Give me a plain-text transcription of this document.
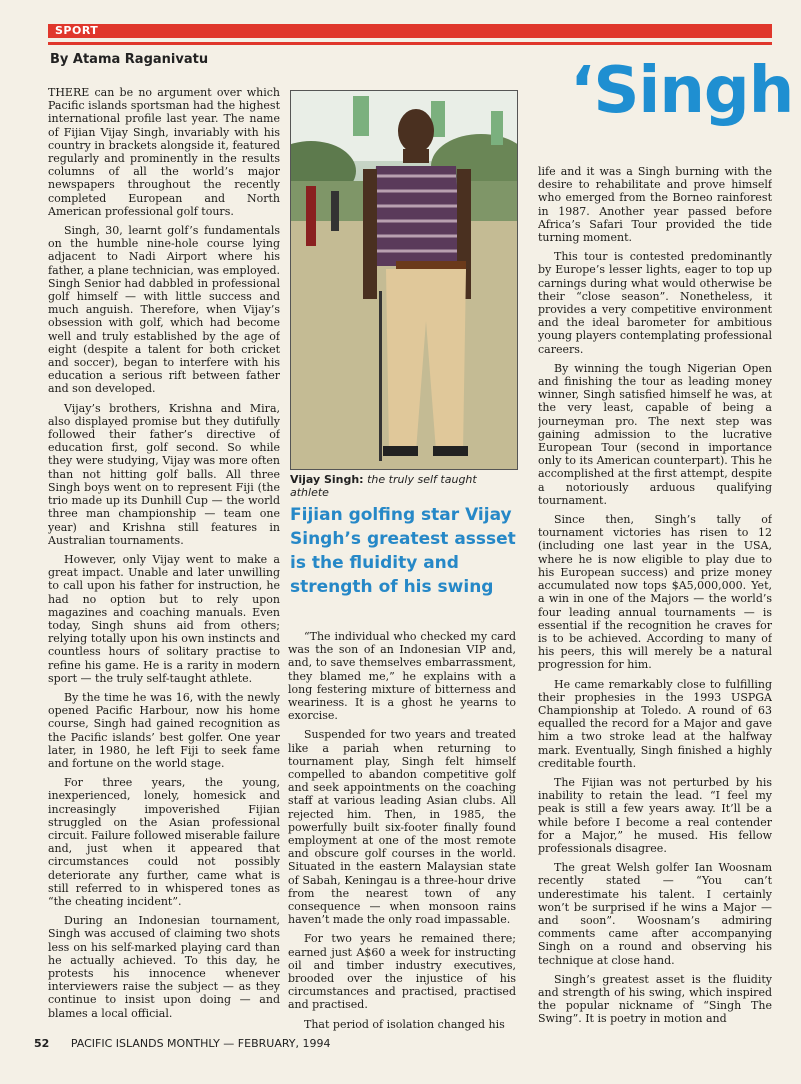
SPORT
By Atama Raganivatu	‘Singh

THERE can be no argument over which Pacific islands sportsman had the highest international profile last year. The name of Fijian Vijay Singh, invariably with his country in brackets alongside it, featured regularly and prominently in the results columns of all the world’s major newspapers throughout the recently completed European and North American professional golf tours.

Singh, 30, learnt golf’s fundamentals on the humble nine-hole course lying adjacent to Nadi Airport where his father, a plane technician, was employed. Singh Senior had dabbled in professional golf himself — with little success and much anguish. Therefore, when Vijay’s obsession with golf, which had become well and truly established by the age of eight (despite a talent for both cricket and soccer), began to interfere with his education a serious rift between father and son developed.

Vijay’s brothers, Krishna and Mira, also displayed promise but they dutifully followed their father’s directive of education first, golf second. So while they were studying, Vijay was more often than not hitting golf balls. All three Singh boys went on to represent Fiji (the trio made up its Dunhill Cup — the world three man championship — team one year) and Krishna still features in Australian tournaments.

However, only Vijay went to make a great impact. Unable and later unwilling to call upon his father for instruction, he had no option but to rely upon magazines and coaching manuals. Even today, Singh shuns aid from others; relying totally upon his own instincts and countless hours of solitary practise to refine his game. He is a rarity in modern sport — the truly self-taught athlete.

By the time he was 16, with the newly opened Pacific Harbour, now his home course, Singh had gained recognition as the Pacific islands’ best golfer. One year later, in 1980, he left Fiji to seek fame and fortune on the world stage.

For three years, the young, inexperienced, lonely, homesick and increasingly impoverished Fijian struggled on the Asian professional circuit. Failure followed miserable failure and, just when it appeared that circumstances could not possibly deteriorate any further, came what is still referred to in whispered tones as “the cheating incident”.

During an Indonesian tournament, Singh was accused of claiming two shots less on his self-marked playing card than he actually achieved. To this day, he protests his innocence whenever interviewers raise the subject — as they continue to insist upon doing — and blames a local official.

Vijay Singh: the truly self taught athlete
Fijian golfing star Vijay Singh’s greatest assset is the fluidity and strength of his swing

“The individual who checked my card was the son of an Indonesian VIP and, and, to save themselves embarrassment, they blamed me,” he explains with a long festering mixture of bitterness and weariness. It is a ghost he yearns to exorcise.

Suspended for two years and treated like a pariah when returning to tournament play, Singh felt himself compelled to abandon competitive golf and seek appointments on the coaching staff at various leading Asian clubs. All rejected him. Then, in 1985, the powerfully built six-footer finally found employment at one of the most remote and obscure golf courses in the world. Situated in the eastern Malaysian state of Sabah, Keningau is a three-hour drive from the nearest town of any consequence — when monsoon rains haven’t made the only road impassable.

For two years he remained there; earned just A$60 a week for instructing oil and timber industry executives, brooded over the injustice of his circumstances and practised, practised and practised.

That period of isolation changed his

life and it was a Singh burning with the desire to rehabilitate and prove himself who emerged from the Borneo rainforest in 1987. Another year passed before Africa’s Safari Tour provided the tide turning moment.

This tour is contested predominantly by Europe’s lesser lights, eager to top up carnings during what would otherwise be their “close season”. Nonetheless, it provides a very competitive environment and the ideal barometer for ambitious young players contemplating professional careers.

By winning the tough Nigerian Open and finishing the tour as leading money winner, Singh satisfied himself he was, at the very least, capable of being a journeyman pro. The next step was gaining admission to the lucrative European Tour (second in importance only to its American counterpart). This he accomplished at the first attempt, despite a notoriously arduous qualifying tournament.

Since then, Singh’s tally of tournament victories has risen to 12 (including one last year in the USA, where he is now eligible to play due to his European success) and prize money accumulated now tops $A5,000,000. Yet, a win in one of the Majors — the world’s four leading annual tournaments — is essential if the recognition he craves for is to be achieved. According to many of his peers, this will merely be a natural progression for him.

He came remarkably close to fulfilling their prophesies in the 1993 USPGA Championship at Toledo. A round of 63 equalled the record for a Major and gave him a two stroke lead at the halfway mark. Eventually, Singh finished a highly creditable fourth.

The Fijian was not perturbed by his inability to retain the lead. “I feel my peak is still a few years away. It’ll be a while before I become a real contender for a Major,” he mused. His fellow professionals disagree.

The great Welsh golfer Ian Woosnam recently stated — “You can’t underestimate his talent. I certainly won’t be surprised if he wins a Major — and soon”. Woosnam’s admiring comments came after accompanying Singh on a round and observing his technique at close hand.

Singh’s greatest asset is the fluidity and strength of his swing, which inspired the popular nickname of “Singh The Swing”. It is poetry in motion and

52 PACIFIC ISLANDS MONTHLY — FEBRUARY, 1994
